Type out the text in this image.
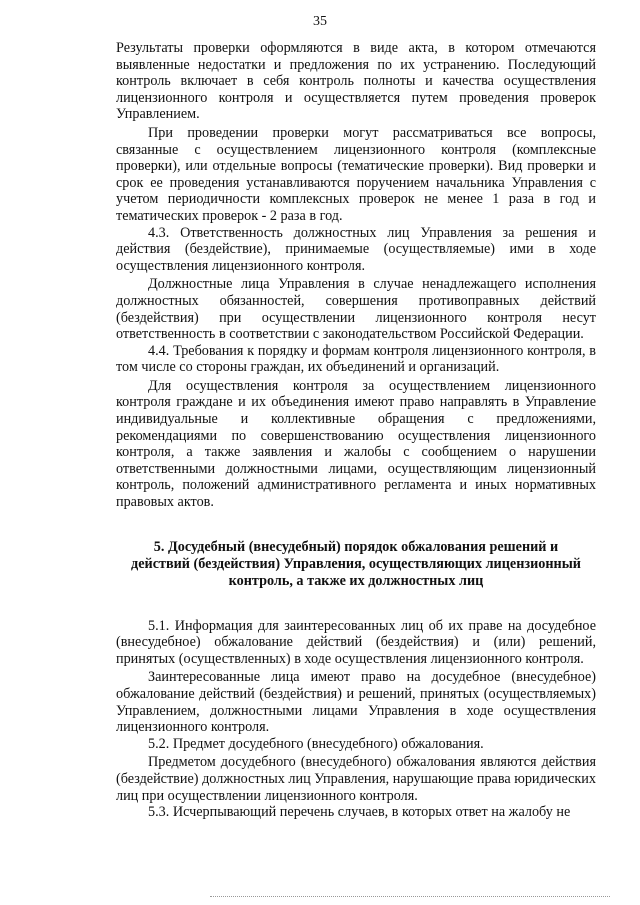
35

Результаты проверки оформляются в виде акта, в котором отмечаются выявленные недостатки и предложения по их устранению. Последующий контроль включает в себя контроль полноты и качества осуществления лицензионного контроля и осуществляется путем проведения проверок Управлением.

При проведении проверки могут рассматриваться все вопросы, связанные с осуществлением лицензионного контроля (комплексные проверки), или отдельные вопросы (тематические проверки). Вид проверки и срок ее проведения устанавливаются поручением начальника Управления с учетом периодичности комплексных проверок не менее 1 раза в год и тематических проверок - 2 раза в год.

4.3. Ответственность должностных лиц Управления за решения и действия (бездействие), принимаемые (осуществляемые) ими в ходе осуществления лицензионного контроля.

Должностные лица Управления в случае ненадлежащего исполнения должностных обязанностей, совершения противоправных действий (бездействия) при осуществлении лицензионного контроля несут ответственность в соответствии с законодательством Российской Федерации.

4.4. Требования к порядку и формам контроля лицензионного контроля, в том числе со стороны граждан, их объединений и организаций.

Для осуществления контроля за осуществлением лицензионного контроля граждане и их объединения имеют право направлять в Управление индивидуальные и коллективные обращения с предложениями, рекомендациями по совершенствованию осуществления лицензионного контроля, а также заявления и жалобы с сообщением о нарушении ответственными должностными лицами, осуществляющим лицензионный контроль, положений административного регламента и иных нормативных правовых актов.

5. Досудебный (внесудебный) порядок обжалования решений и
действий (бездействия) Управления, осуществляющих лицензионный
контроль, а также их должностных лиц

5.1. Информация для заинтересованных лиц об их праве на досудебное (внесудебное) обжалование действий (бездействия) и (или) решений, принятых (осуществленных) в ходе осуществления лицензионного контроля.

Заинтересованные лица имеют право на досудебное (внесудебное) обжалование действий (бездействия) и решений, принятых (осуществляемых) Управлением, должностными лицами Управления в ходе осуществления лицензионного контроля.

5.2. Предмет досудебного (внесудебного) обжалования.

Предметом досудебного (внесудебного) обжалования являются действия (бездействие) должностных лиц Управления, нарушающие права юридических лиц при осуществлении лицензионного контроля.

5.3. Исчерпывающий перечень случаев, в которых ответ на жалобу не
